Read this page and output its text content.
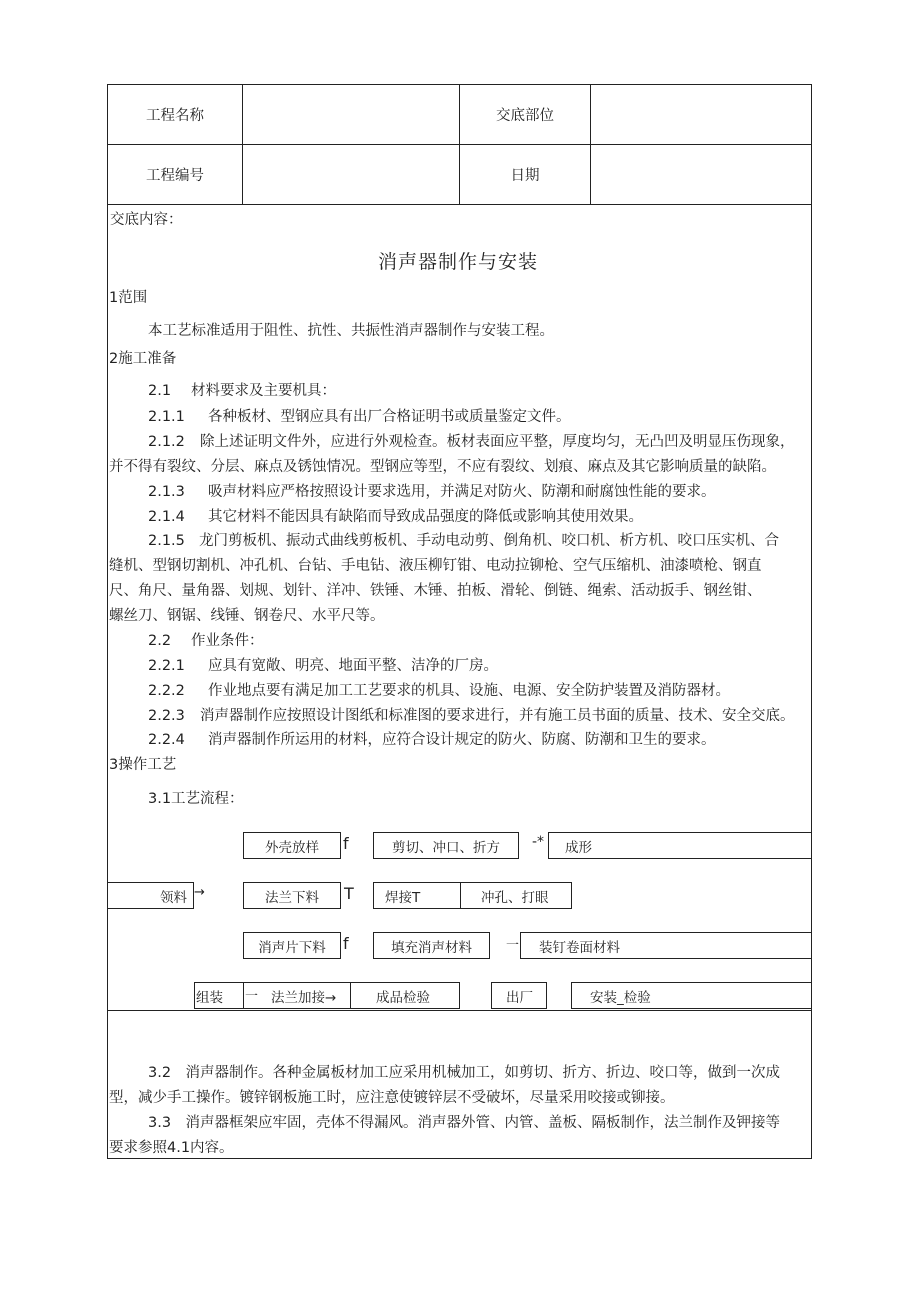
工程名称	交底部位
工程编号	日期
交底内容：
消声器制作与安装
1范围
本工艺标准适用于阻性、抗性、共振性消声器制作与安装工程。
2施工准备
2.1 材料要求及主要机具：
2.1.1 各种板材、型钢应具有出厂合格证明书或质量鉴定文件。
2.1.2 除上述证明文件外，应进行外观检查。板材表面应平整，厚度均匀，无凸凹及明显压伤现象，
并不得有裂纹、分层、麻点及锈蚀情况。型钢应等型，不应有裂纹、划痕、麻点及其它影响质量的缺陷。
2.1.3 吸声材料应严格按照设计要求选用，并满足对防火、防潮和耐腐蚀性能的要求。
2.1.4 其它材料不能因具有缺陷而导致成品强度的降低或影响其使用效果。
2.1.5 龙门剪板机、振动式曲线剪板机、手动电动剪、倒角机、咬口机、析方机、咬口压实机、合
缝机、型钢切割机、冲孔机、台钻、手电钻、液压柳钉钳、电动拉铆枪、空气压缩机、油漆喷枪、钢直
尺、角尺、量角器、划规、划针、洋冲、铁锤、木锤、拍板、滑轮、倒链、绳索、活动扳手、钢丝钳、
螺丝刀、钢锯、线锤、钢卷尺、水平尺等。
2.2 作业条件：
2.2.1 应具有宽敞、明亮、地面平整、洁净的厂房。
2.2.2 作业地点要有满足加工工艺要求的机具、设施、电源、安全防护装置及消防器材。
2.2.3 消声器制作应按照设计图纸和标准图的要求进行，并有施工员书面的质量、技术、安全交底。
2.2.4 消声器制作所运用的材料，应符合设计规定的防火、防腐、防潮和卫生的要求。
3操作工艺
3.1工艺流程：
外壳放样	f	剪切、冲口、折方	-* 成形
领料 →	法兰下料	T 焊接T	冲孔、打眼
消声片下料	f	填充消声材料	一 装钉卷面材料
组装 一 法兰加接→	成品检验	出厂	安装_检验
3.2　消声器制作。各种金属板材加工应采用机械加工，如剪切、折方、折边、咬口等，做到一次成
型，减少手工操作。镀锌钢板施工时，应注意使镀锌层不受破坏，尽量采用咬接或铆接。
3.3　消声器框架应牢固，壳体不得漏风。消声器外管、内管、盖板、隔板制作，法兰制作及钾接等
要求参照4.1内容。
